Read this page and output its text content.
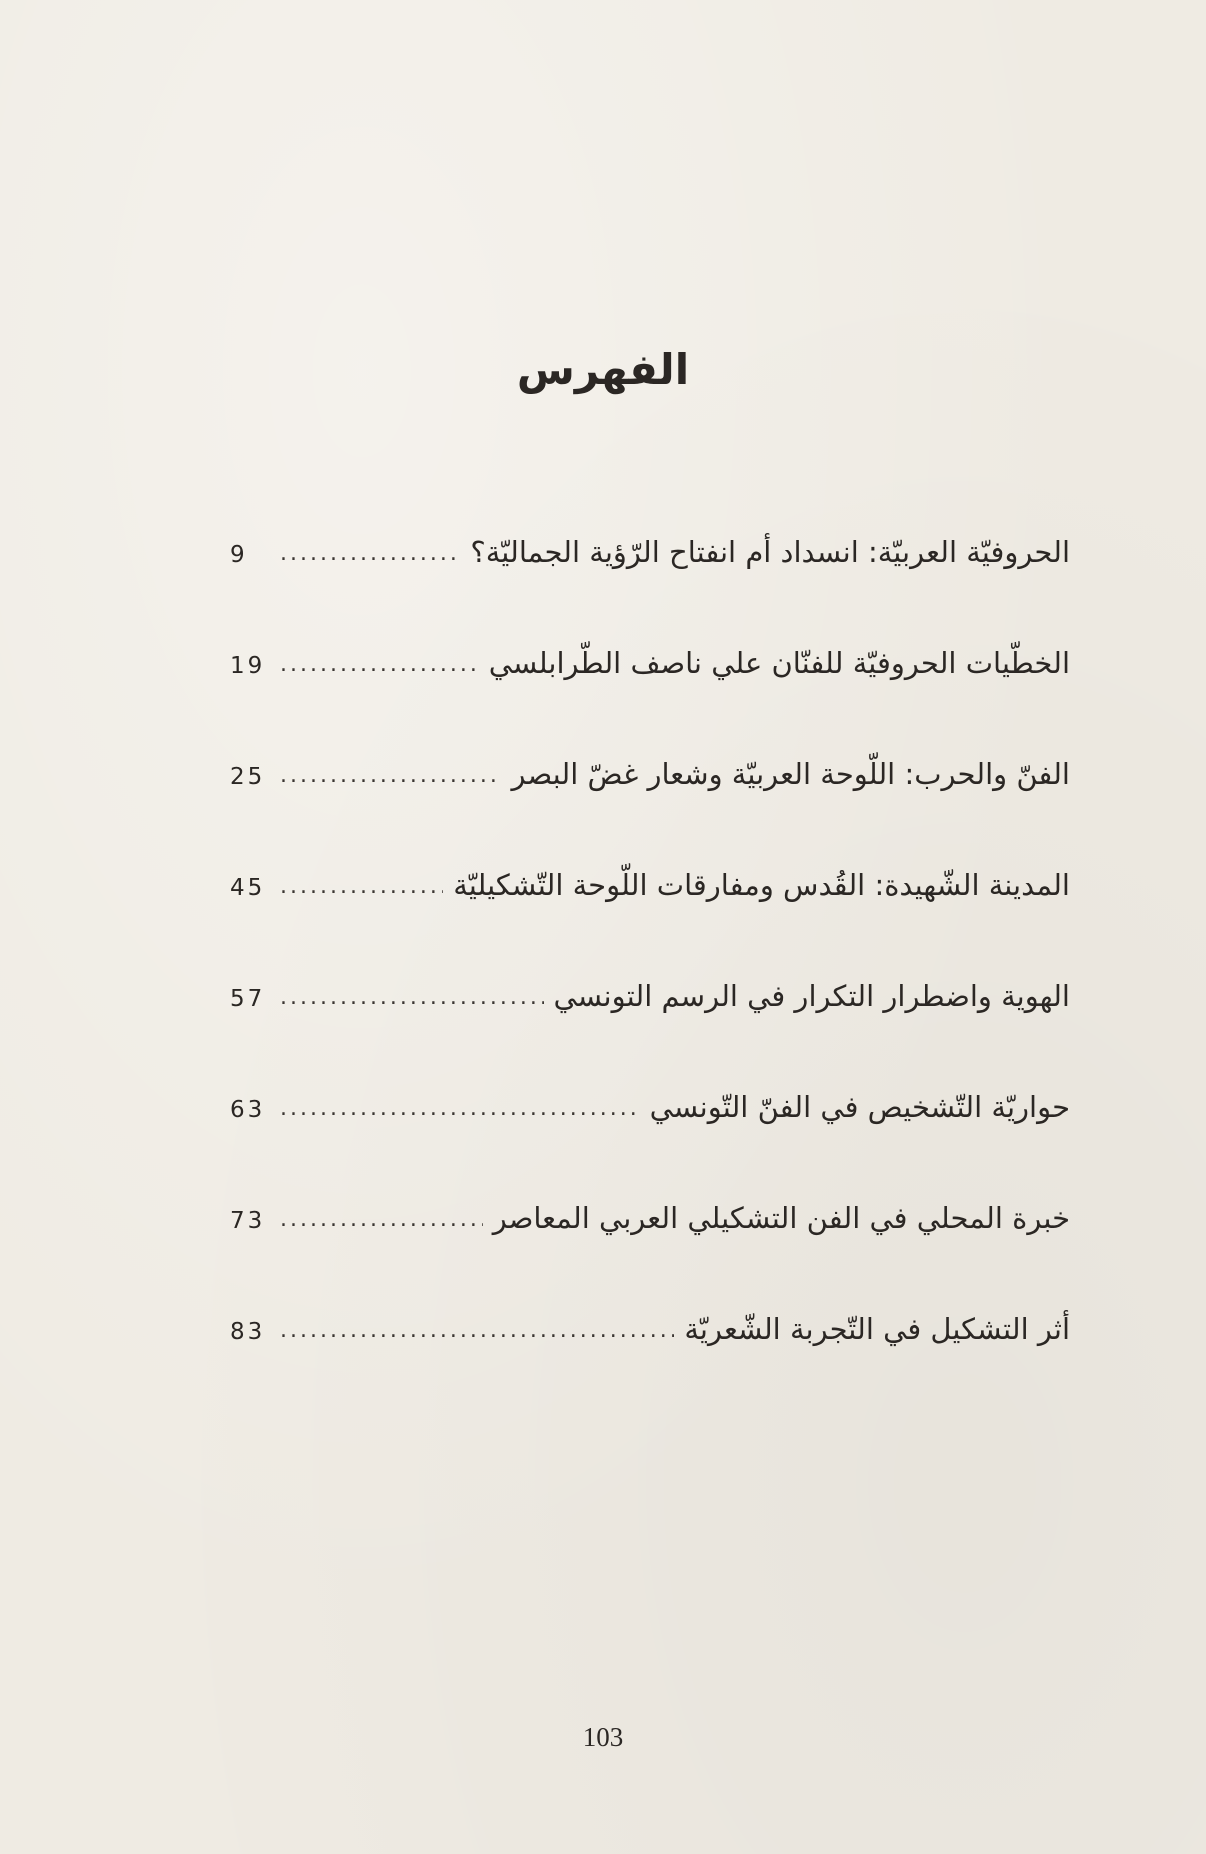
الفهرس
الحروفيّة العربيّة: انسداد أم انفتاح الرّؤية الجماليّة؟
.....
9
الخطّيات الحروفيّة للفنّان علي ناصف الطّرابلسي
.....
19
الفنّ والحرب: اللّوحة العربيّة وشعار غضّ البصر
.....
25
المدينة الشّهيدة: القُدس ومفارقات اللّوحة التّشكيليّة
.....
45
الهوية واضطرار التكرار في الرسم التونسي
.....
57
حواريّة التّشخيص في الفنّ التّونسي
.....
63
خبرة المحلي في الفن التشكيلي العربي المعاصر
.....
73
أثر التشكيل في التّجربة الشّعريّة
.....
83
103
